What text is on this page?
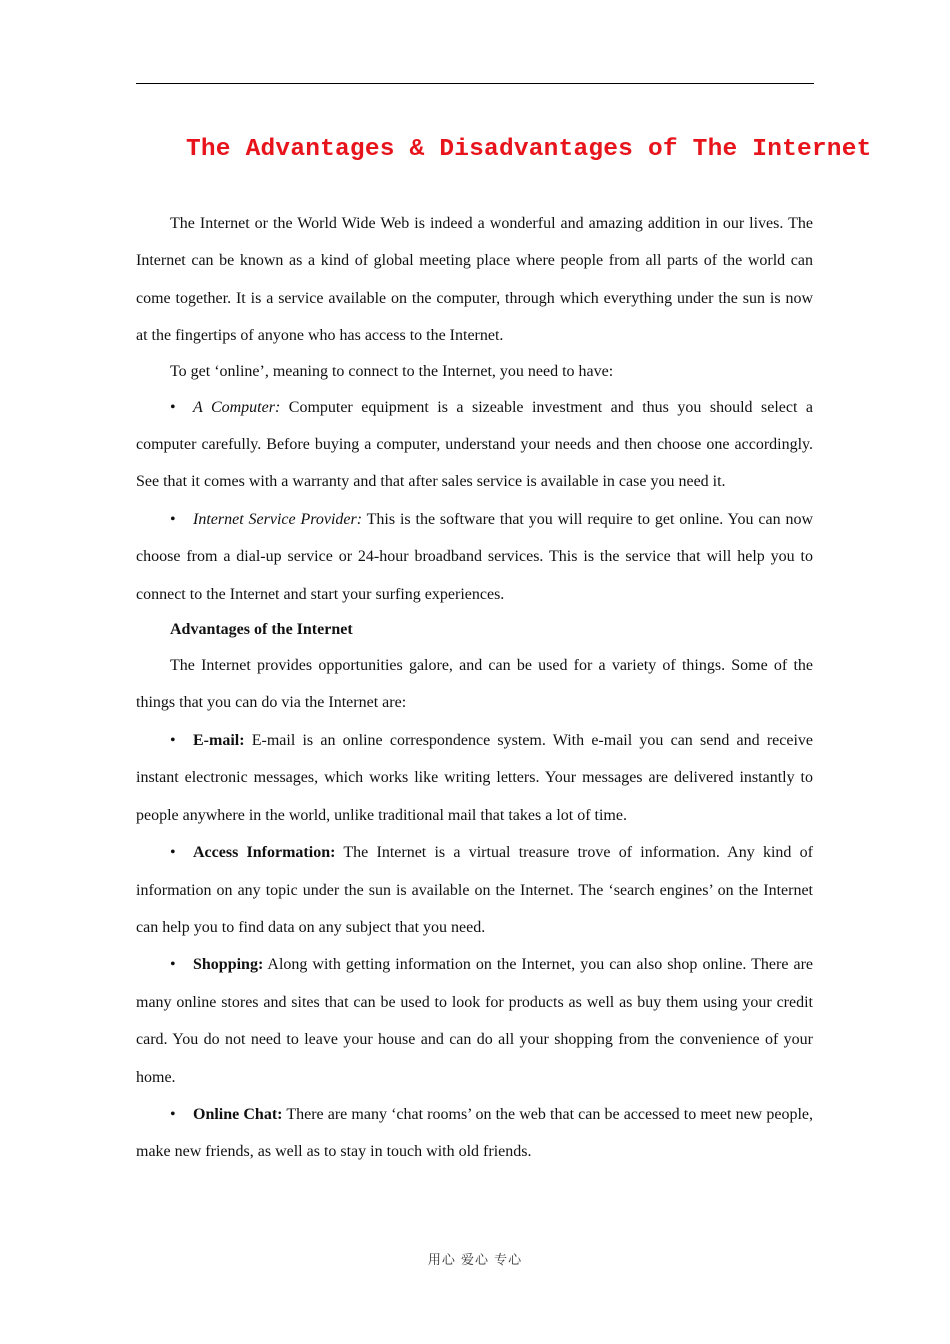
The Advantages & Disadvantages of The Internet

The Internet or the World Wide Web is indeed a wonderful and amazing addition in our lives. The Internet can be known as a kind of global meeting place where people from all parts of the world can come together. It is a service available on the computer, through which everything under the sun is now at the fingertips of anyone who has access to the Internet.

To get ‘online’, meaning to connect to the Internet, you need to have:

• A Computer: Computer equipment is a sizeable investment and thus you should select a computer carefully. Before buying a computer, understand your needs and then choose one accordingly. See that it comes with a warranty and that after sales service is available in case you need it.

• Internet Service Provider: This is the software that you will require to get online. You can now choose from a dial-up service or 24-hour broadband services. This is the service that will help you to connect to the Internet and start your surfing experiences.

Advantages of the Internet

The Internet provides opportunities galore, and can be used for a variety of things. Some of the things that you can do via the Internet are:

• E-mail: E-mail is an online correspondence system. With e-mail you can send and receive instant electronic messages, which works like writing letters. Your messages are delivered instantly to people anywhere in the world, unlike traditional mail that takes a lot of time.

• Access Information: The Internet is a virtual treasure trove of information. Any kind of information on any topic under the sun is available on the Internet. The ‘search engines’ on the Internet can help you to find data on any subject that you need.

• Shopping: Along with getting information on the Internet, you can also shop online. There are many online stores and sites that can be used to look for products as well as buy them using your credit card. You do not need to leave your house and can do all your shopping from the convenience of your home.

• Online Chat: There are many ‘chat rooms’ on the web that can be accessed to meet new people, make new friends, as well as to stay in touch with old friends.

用心 爱心 专心
